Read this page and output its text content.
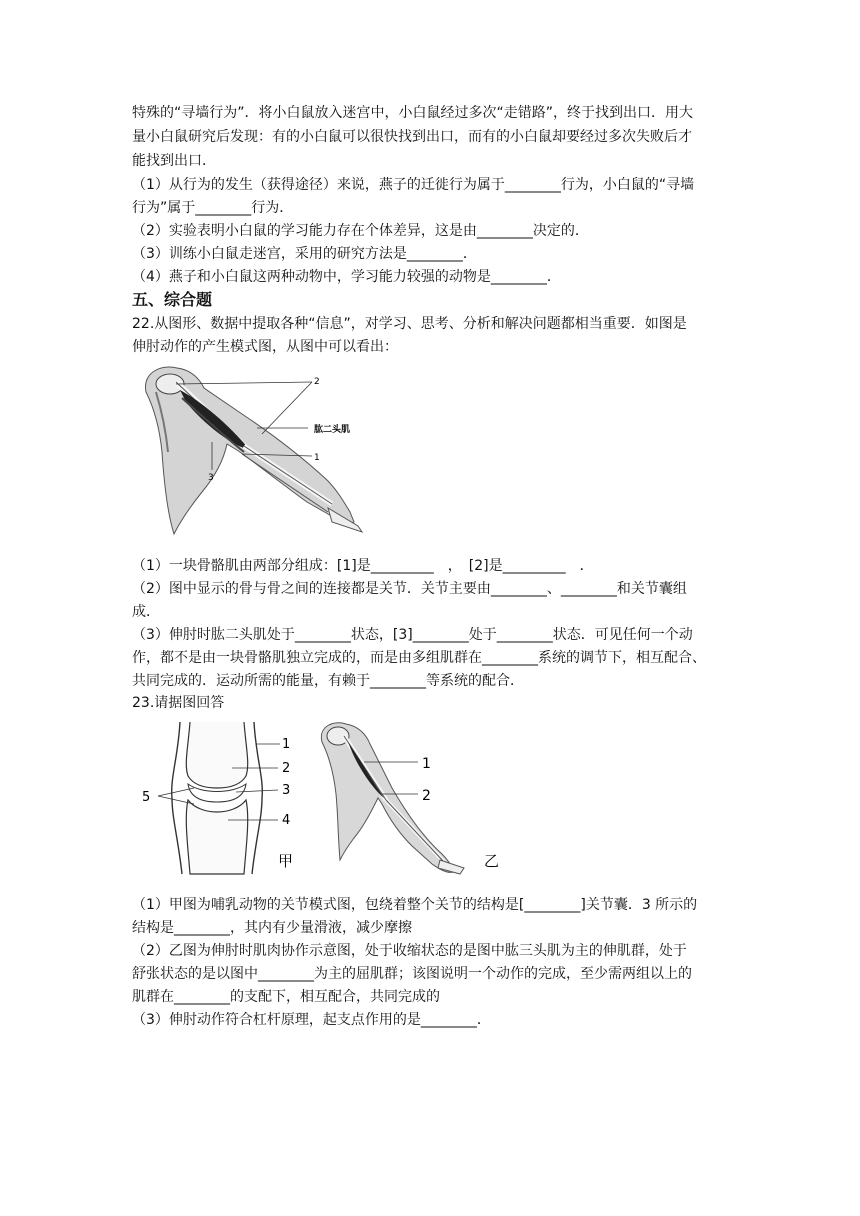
特殊的“寻墙行为”．将小白鼠放入迷宫中，小白鼠经过多次“走错路”，终于找到出口．用大
量小白鼠研究后发现：有的小白鼠可以很快找到出口，而有的小白鼠却要经过多次失败后才
能找到出口．
（1）从行为的发生（获得途径）来说，燕子的迁徙行为属于________行为，小白鼠的“寻墙
行为”属于________行为．
（2）实验表明小白鼠的学习能力存在个体差异，这是由________决定的．
（3）训练小白鼠走迷宫，采用的研究方法是________．
（4）燕子和小白鼠这两种动物中，学习能力较强的动物是________．
五、综合题
22.从图形、数据中提取各种“信息”，对学习、思考、分析和解决问题都相当重要．如图是
伸肘动作的产生模式图，从图中可以看出：
2
肱二头肌
1
3
（1）一块骨骼肌由两部分组成：[1]是_________　，　[2]是_________　．
（2）图中显示的骨与骨之间的连接都是关节．关节主要由________、________和关节囊组
成．
（3）伸肘时肱二头肌处于________状态，[3]________处于________状态．可见任何一个动
作，都不是由一块骨骼肌独立完成的，而是由多组肌群在________系统的调节下，相互配合、
共同完成的．运动所需的能量，有赖于________等系统的配合．
23.请据图回答
1
2
3
4
5
甲
1
2
乙
（1）甲图为哺乳动物的关节模式图，包绕着整个关节的结构是[________]关节囊．3 所示的
结构是________，其内有少量滑液，减少摩擦
（2）乙图为伸肘时肌肉协作示意图，处于收缩状态的是图中肱三头肌为主的伸肌群，处于
舒张状态的是以图中________为主的屈肌群；该图说明一个动作的完成，至少需两组以上的
肌群在________的支配下，相互配合，共同完成的
（3）伸肘动作符合杠杆原理，起支点作用的是________．
